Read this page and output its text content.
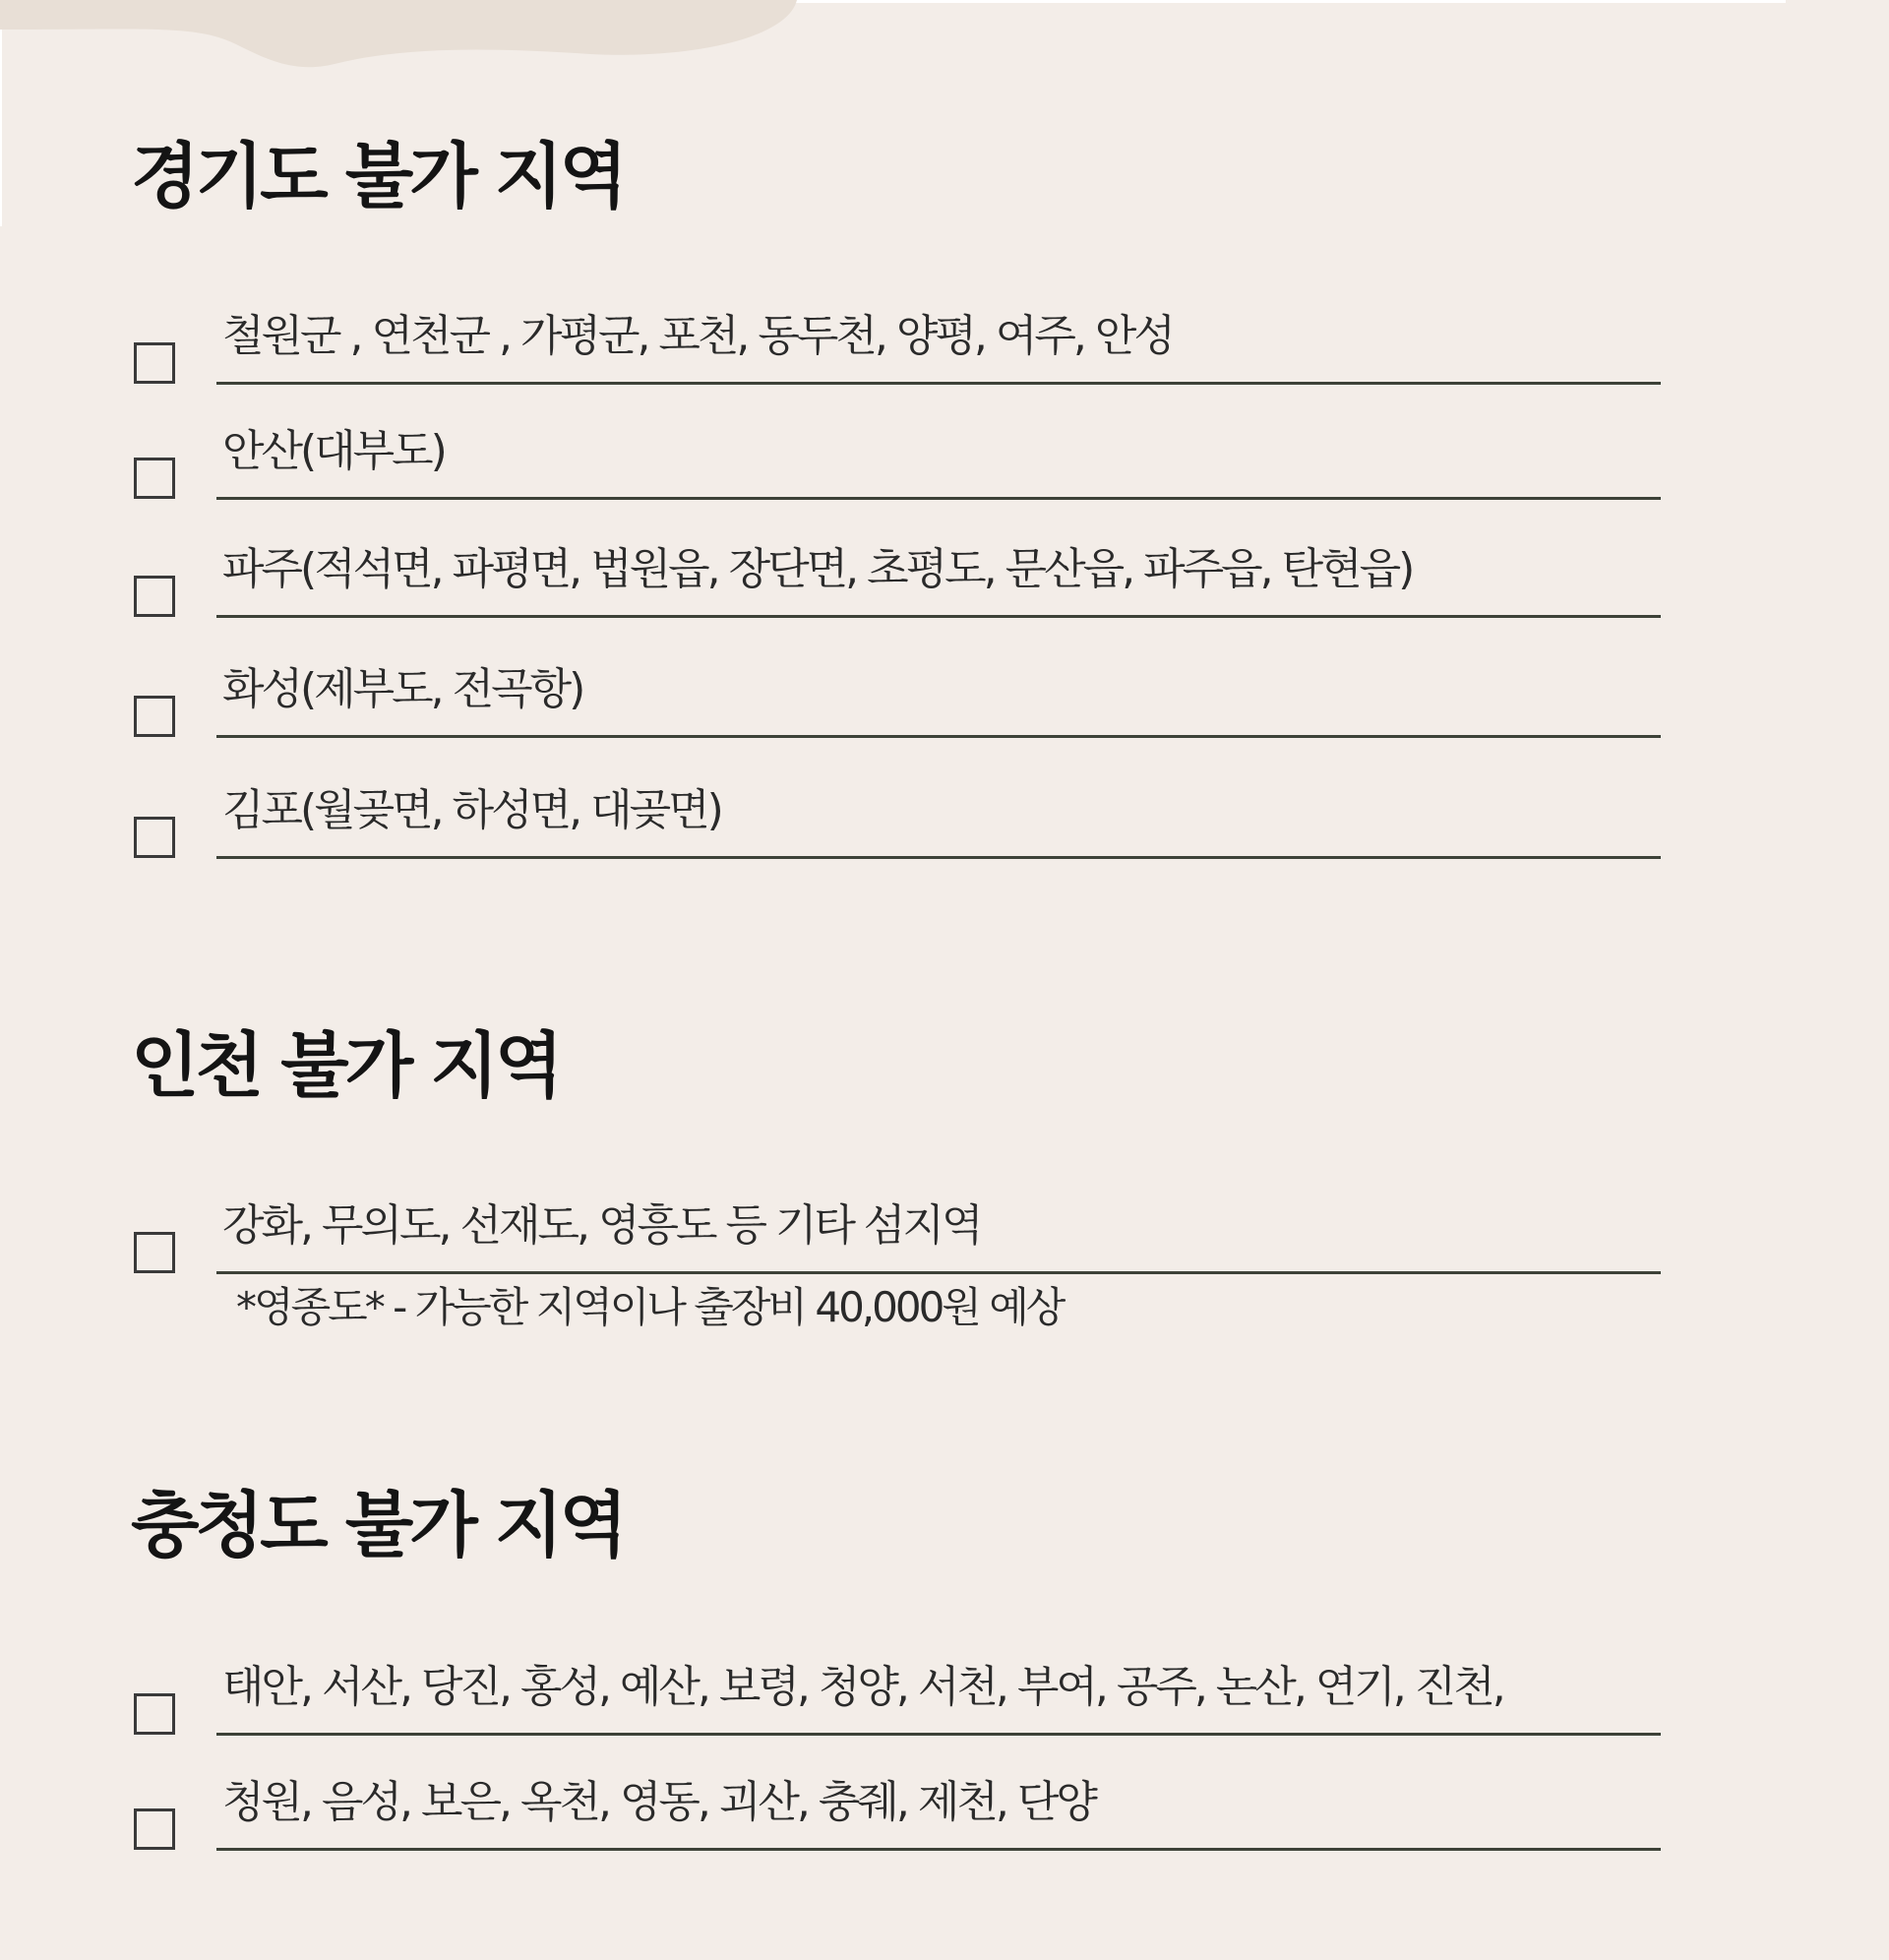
경기도 불가 지역
철원군 , 연천군 , 가평군, 포천, 동두천, 양평, 여주, 안성
안산(대부도)
파주(적석면, 파평면, 법원읍, 장단면, 초평도, 문산읍, 파주읍, 탄현읍)
화성(제부도, 전곡항)
김포(월곶면, 하성면, 대곶면)
인천 불가 지역
강화, 무의도, 선재도, 영흥도 등 기타 섬지역
*영종도* - 가능한 지역이나 출장비 40,000원 예상
충청도 불가 지역
태안, 서산, 당진, 홍성, 예산, 보령, 청양, 서천, 부여, 공주, 논산, 연기, 진천,
청원, 음성, 보은, 옥천, 영동, 괴산, 충줴, 제천, 단양
